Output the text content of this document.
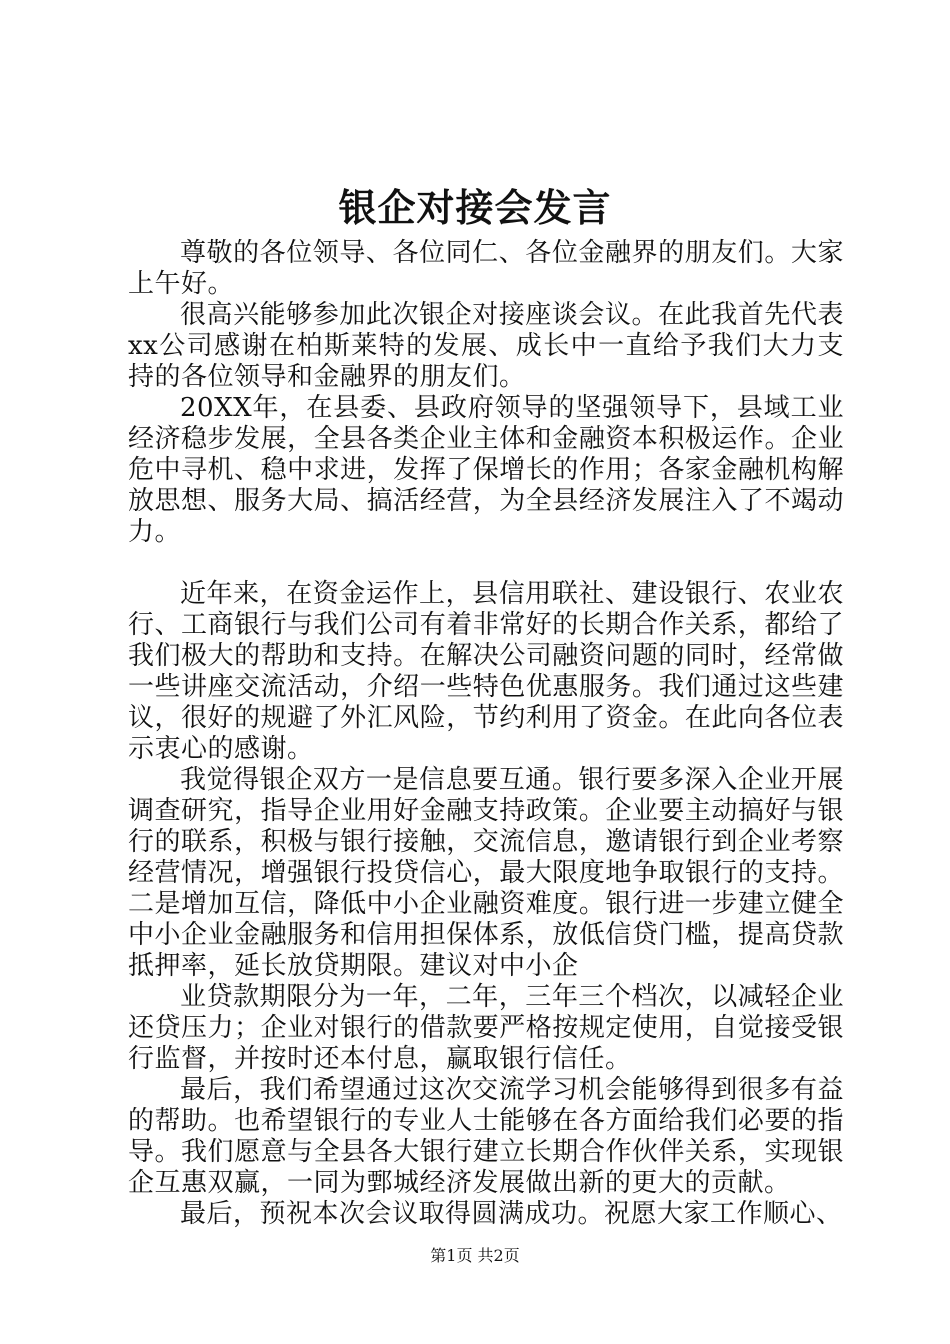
银企对接会发言

尊敬的各位领导、各位同仁、各位金融界的朋友们。大家上午好。

很高兴能够参加此次银企对接座谈会议。在此我首先代表xx公司感谢在柏斯莱特的发展、成长中一直给予我们大力支持的各位领导和金融界的朋友们。

20XX年，在县委、县政府领导的坚强领导下，县域工业经济稳步发展，全县各类企业主体和金融资本积极运作。企业危中寻机、稳中求进，发挥了保增长的作用；各家金融机构解放思想、服务大局、搞活经营，为全县经济发展注入了不竭动力。

近年来，在资金运作上，县信用联社、建设银行、农业农行、工商银行与我们公司有着非常好的长期合作关系，都给了我们极大的帮助和支持。在解决公司融资问题的同时，经常做一些讲座交流活动，介绍一些特色优惠服务。我们通过这些建议，很好的规避了外汇风险，节约利用了资金。在此向各位表示衷心的感谢。

我觉得银企双方一是信息要互通。银行要多深入企业开展调查研究，指导企业用好金融支持政策。企业要主动搞好与银行的联系，积极与银行接触，交流信息，邀请银行到企业考察经营情况，增强银行投贷信心，最大限度地争取银行的支持。二是增加互信，降低中小企业融资难度。银行进一步建立健全中小企业金融服务和信用担保体系，放低信贷门槛，提高贷款抵押率，延长放贷期限。建议对中小企

业贷款期限分为一年，二年，三年三个档次，以减轻企业还贷压力；企业对银行的借款要严格按规定使用，自觉接受银行监督，并按时还本付息，赢取银行信任。

最后，我们希望通过这次交流学习机会能够得到很多有益的帮助。也希望银行的专业人士能够在各方面给我们必要的指导。我们愿意与全县各大银行建立长期合作伙伴关系，实现银企互惠双赢，一同为鄄城经济发展做出新的更大的贡献。

最后，预祝本次会议取得圆满成功。祝愿大家工作顺心、

第1页 共2页
